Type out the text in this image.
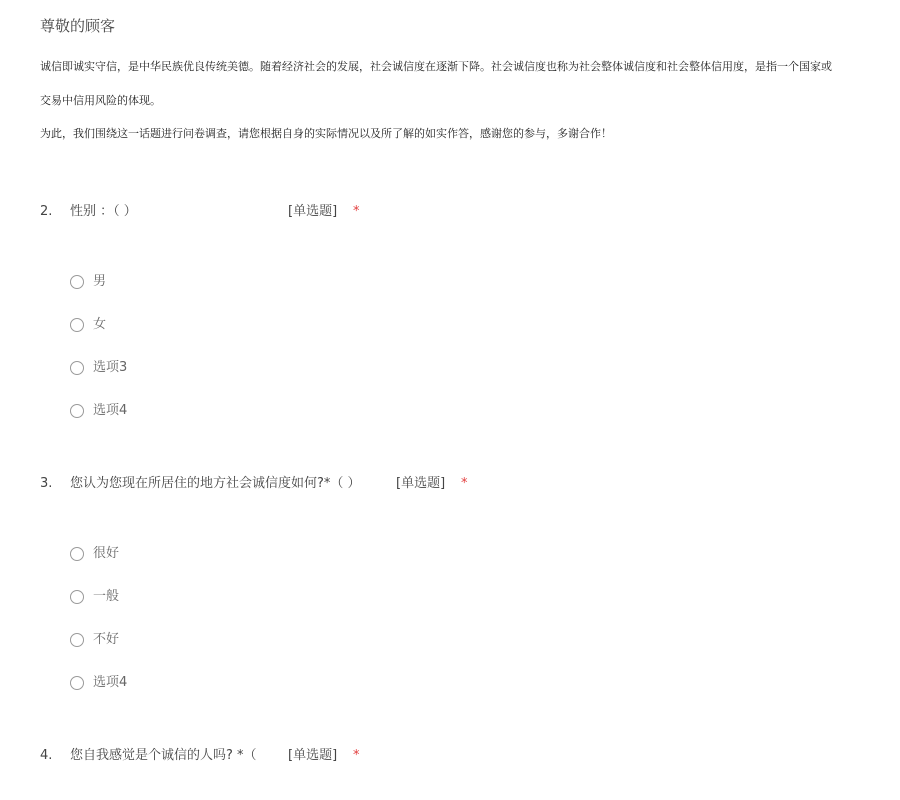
尊敬的顾客
诚信即诚实守信，是中华民族优良传统美德。随着经济社会的发展，社会诚信度在逐渐下降。社会诚信度也称为社会整体诚信度和社会整体信用度，是指一个国家或
交易中信用风险的体现。
为此，我们围绕这一话题进行问卷调查，请您根据自身的实际情况以及所了解的如实作答，感谢您的参与，多谢合作！
2. 性别 ：（ ）	[单选题] *
男
女
选项3
选项4
3. 您认为您现在所居住的地方社会诚信度如何?*（ ）	[单选题] *
很好
一般
不好
选项4
4. 您自我感觉是个诚信的人吗? *（ [单选题] *
